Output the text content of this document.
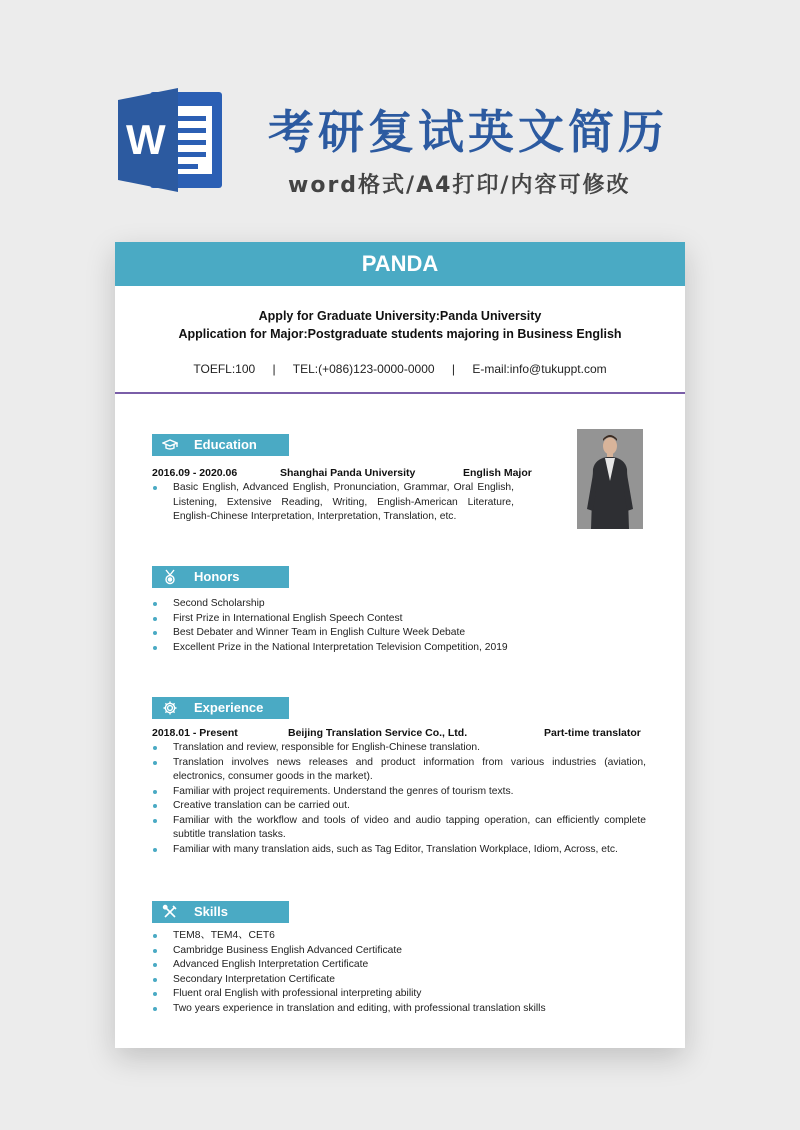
W 考研复试英文简历
word格式/A4打印/内容可修改
PANDA
Apply for Graduate University:Panda University
Application for Major:Postgraduate students majoring in Business English
TOEFL:100 | TEL:(+086)123-0000-0000 | E-mail:info@tukuppt.com
Education
2016.09 - 2020.06	Shanghai Panda University	English Major
Basic English, Advanced English, Pronunciation, Grammar, Oral English, Listening, Extensive Reading, Writing, English-American Literature, English-Chinese Interpretation, Interpretation, Translation, etc.
Honors
Second Scholarship
First Prize in International English Speech Contest
Best Debater and Winner Team in English Culture Week Debate
Excellent Prize in the National Interpretation Television Competition, 2019
Experience
2018.01 - Present	Beijing Translation Service Co., Ltd.	Part-time translator
Translation and review, responsible for English-Chinese translation.
Translation involves news releases and product information from various industries (aviation, electronics, consumer goods in the market).
Familiar with project requirements. Understand the genres of tourism texts.
Creative translation can be carried out.
Familiar with the workflow and tools of video and audio tapping operation, can efficiently complete subtitle translation tasks.
Familiar with many translation aids, such as Tag Editor, Translation Workplace, Idiom, Across, etc.
Skills
TEM8、TEM4、CET6
Cambridge Business English Advanced Certificate
Advanced English Interpretation Certificate
Secondary Interpretation Certificate
Fluent oral English with professional interpreting ability
Two years experience in translation and editing, with professional translation skills
